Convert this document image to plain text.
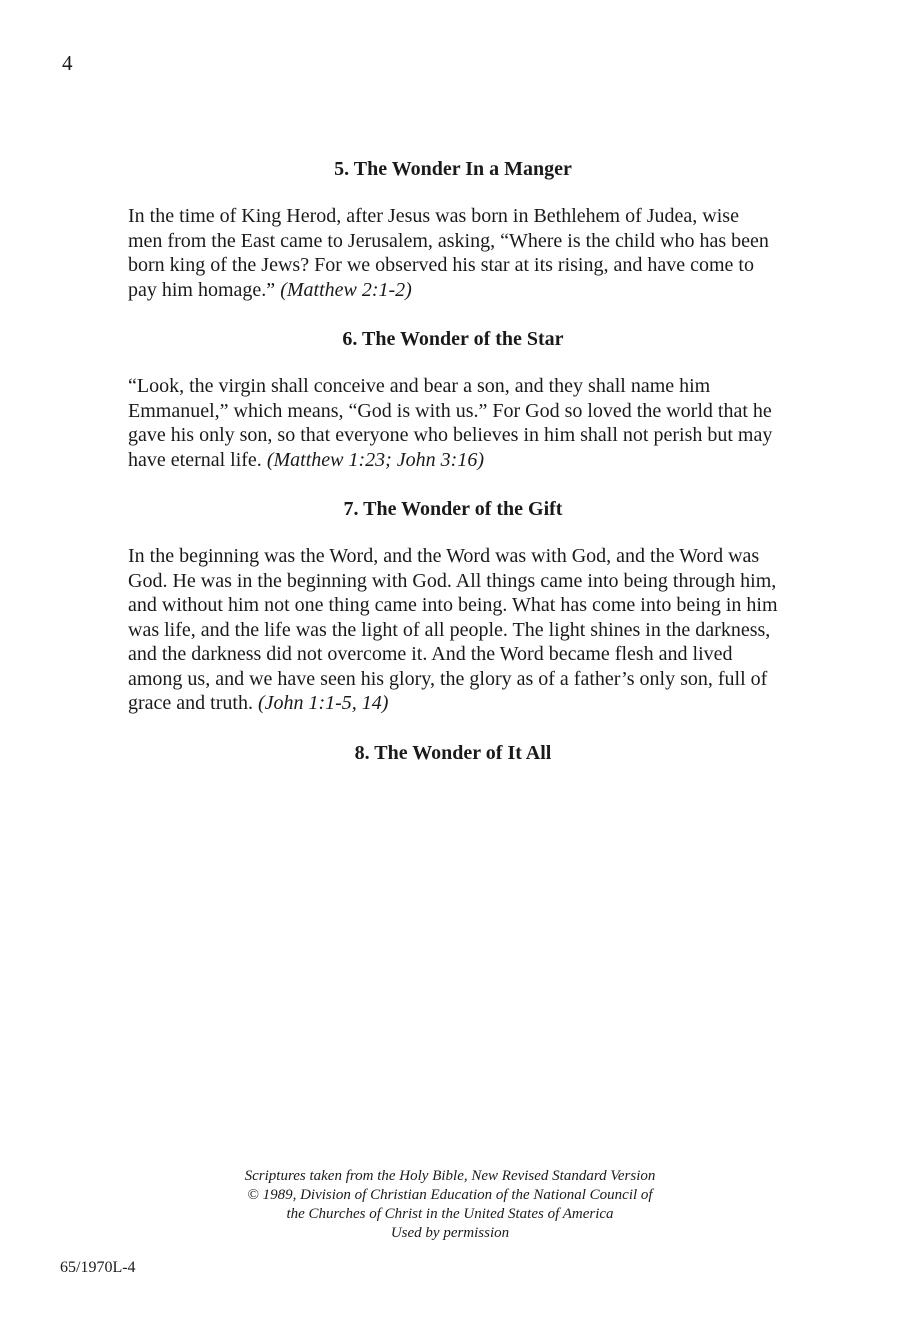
4
5. The Wonder In a Manger

In the time of King Herod, after Jesus was born in Bethlehem of Judea, wise men from the East came to Jerusalem, asking, “Where is the child who has been born king of the Jews? For we observed his star at its rising, and have come to pay him homage.” (Matthew 2:1-2)

6. The Wonder of the Star

“Look, the virgin shall conceive and bear a son, and they shall name him Emmanuel,” which means, “God is with us.” For God so loved the world that he gave his only son, so that everyone who believes in him shall not perish but may have eternal life. (Matthew 1:23; John 3:16)

7. The Wonder of the Gift

In the beginning was the Word, and the Word was with God, and the Word was God. He was in the beginning with God. All things came into being through him, and without him not one thing came into being. What has come into being in him was life, and the life was the light of all people. The light shines in the darkness, and the darkness did not overcome it. And the Word became flesh and lived among us, and we have seen his glory, the glory as of a father’s only son, full of grace and truth. (John 1:1-5, 14)

8. The Wonder of It All
Scriptures taken from the Holy Bible, New Revised Standard Version
© 1989, Division of Christian Education of the National Council of
the Churches of Christ in the United States of America
Used by permission
65/1970L-4
